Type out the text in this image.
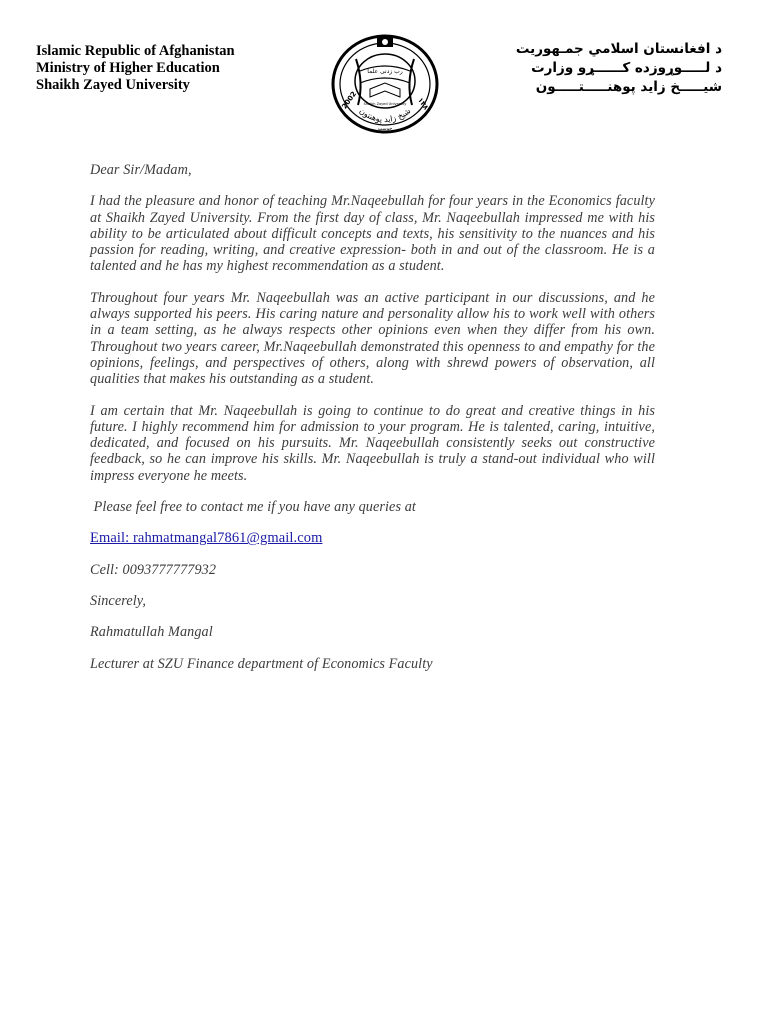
Islamic Republic of Afghanistan
Ministry of Higher Education
Shaikh Zayed University
رب زدنى علما
Shaikh Zayed University
2002	۱۳۸۱
شیخ زاید پوهنتون
خوست
د افغانستان اسلامي جمـهوريت
د لـــــوړوزده كــــــړو وزارت
شيـــــخ زايد پوهنـــــتـــــون

Dear Sir/Madam,

I had the pleasure and honor of teaching Mr.Naqeebullah for four years in the Economics faculty at Shaikh Zayed University. From the first day of class, Mr. Naqeebullah impressed me with his ability to be articulated about difficult concepts and texts, his sensitivity to the nuances and his passion for reading, writing, and creative expression- both in and out of the classroom. He is a talented and he has my highest recommendation as a student.

Throughout four years Mr. Naqeebullah was an active participant in our discussions, and he always supported his peers. His caring nature and personality allow his to work well with others in a team setting, as he always respects other opinions even when they differ from his own. Throughout two years career, Mr.Naqeebullah demonstrated this openness to and empathy for the opinions, feelings, and perspectives of others, along with shrewd powers of observation, all qualities that makes his outstanding as a student.

I am certain that Mr. Naqeebullah is going to continue to do great and creative things in his future. I highly recommend him for admission to your program. He is talented, caring, intuitive, dedicated, and focused on his pursuits. Mr. Naqeebullah consistently seeks out constructive feedback, so he can improve his skills. Mr. Naqeebullah is truly a stand-out individual who will impress everyone he meets.

Please feel free to contact me if you have any queries at

Email: rahmatmangal7861@gmail.com

Cell: 0093777777932

Sincerely,

Rahmatullah Mangal

Lecturer at SZU Finance department of Economics Faculty
